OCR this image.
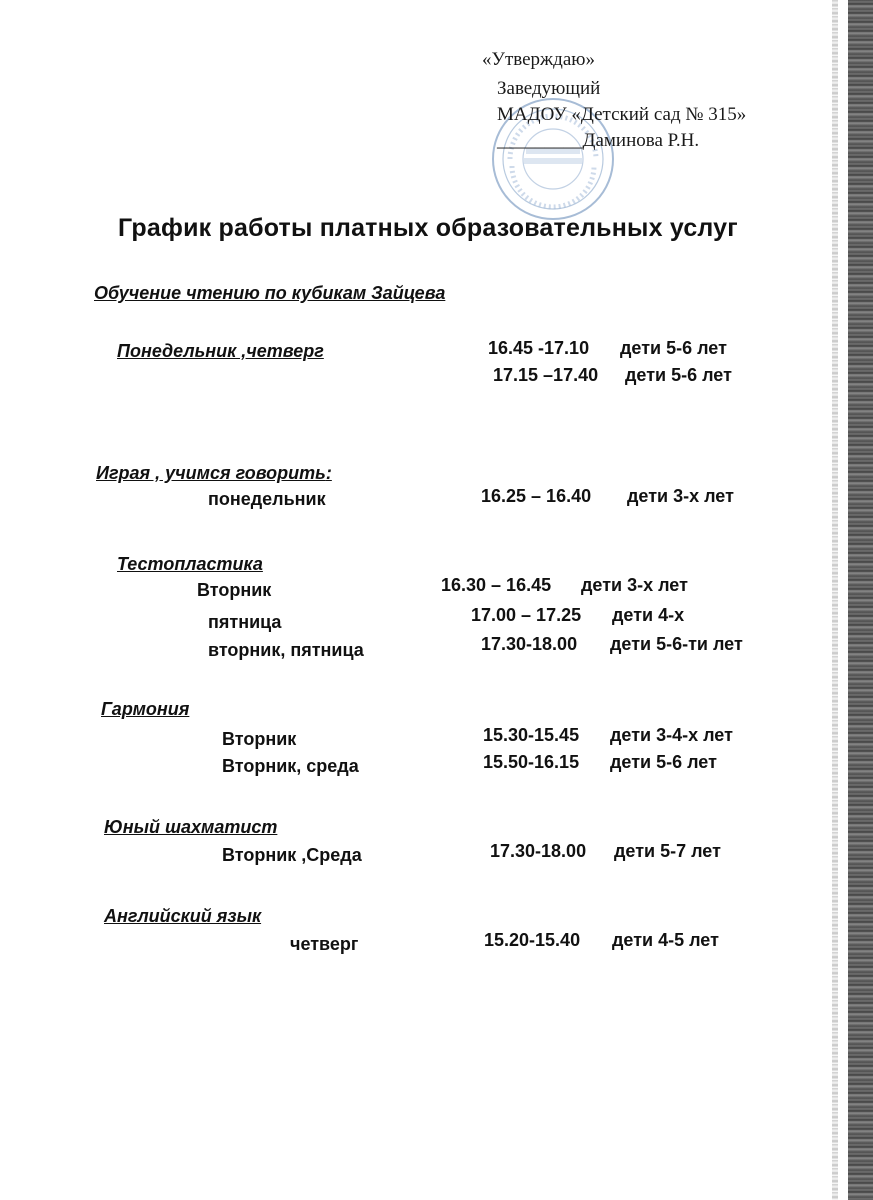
«Утверждаю»
Заведующий
МАДОУ «Детский сад № 315»
_________Даминова Р.Н.
График работы платных образовательных услуг
Обучение чтению по кубикам Зайцева
Понедельник ,четверг	16.45 -17.10 дети 5-6 лет
17.15 –17.40 дети 5-6 лет
Играя , учимся говорить:
понедельник	16.25 – 16.40 дети 3-х лет
Тестопластика
Вторник	16.30 – 16.45 дети 3-х лет
пятница	17.00 – 17.25 дети 4-х
вторник, пятница	17.30-18.00 дети 5-6-ти лет
Гармония
Вторник	15.30-15.45 дети 3-4-х лет
Вторник, среда	15.50-16.15 дети 5-6 лет
Юный шахматист
Вторник ,Среда	17.30-18.00 дети 5-7 лет
Английский язык
четверг	15.20-15.40 дети 4-5 лет
